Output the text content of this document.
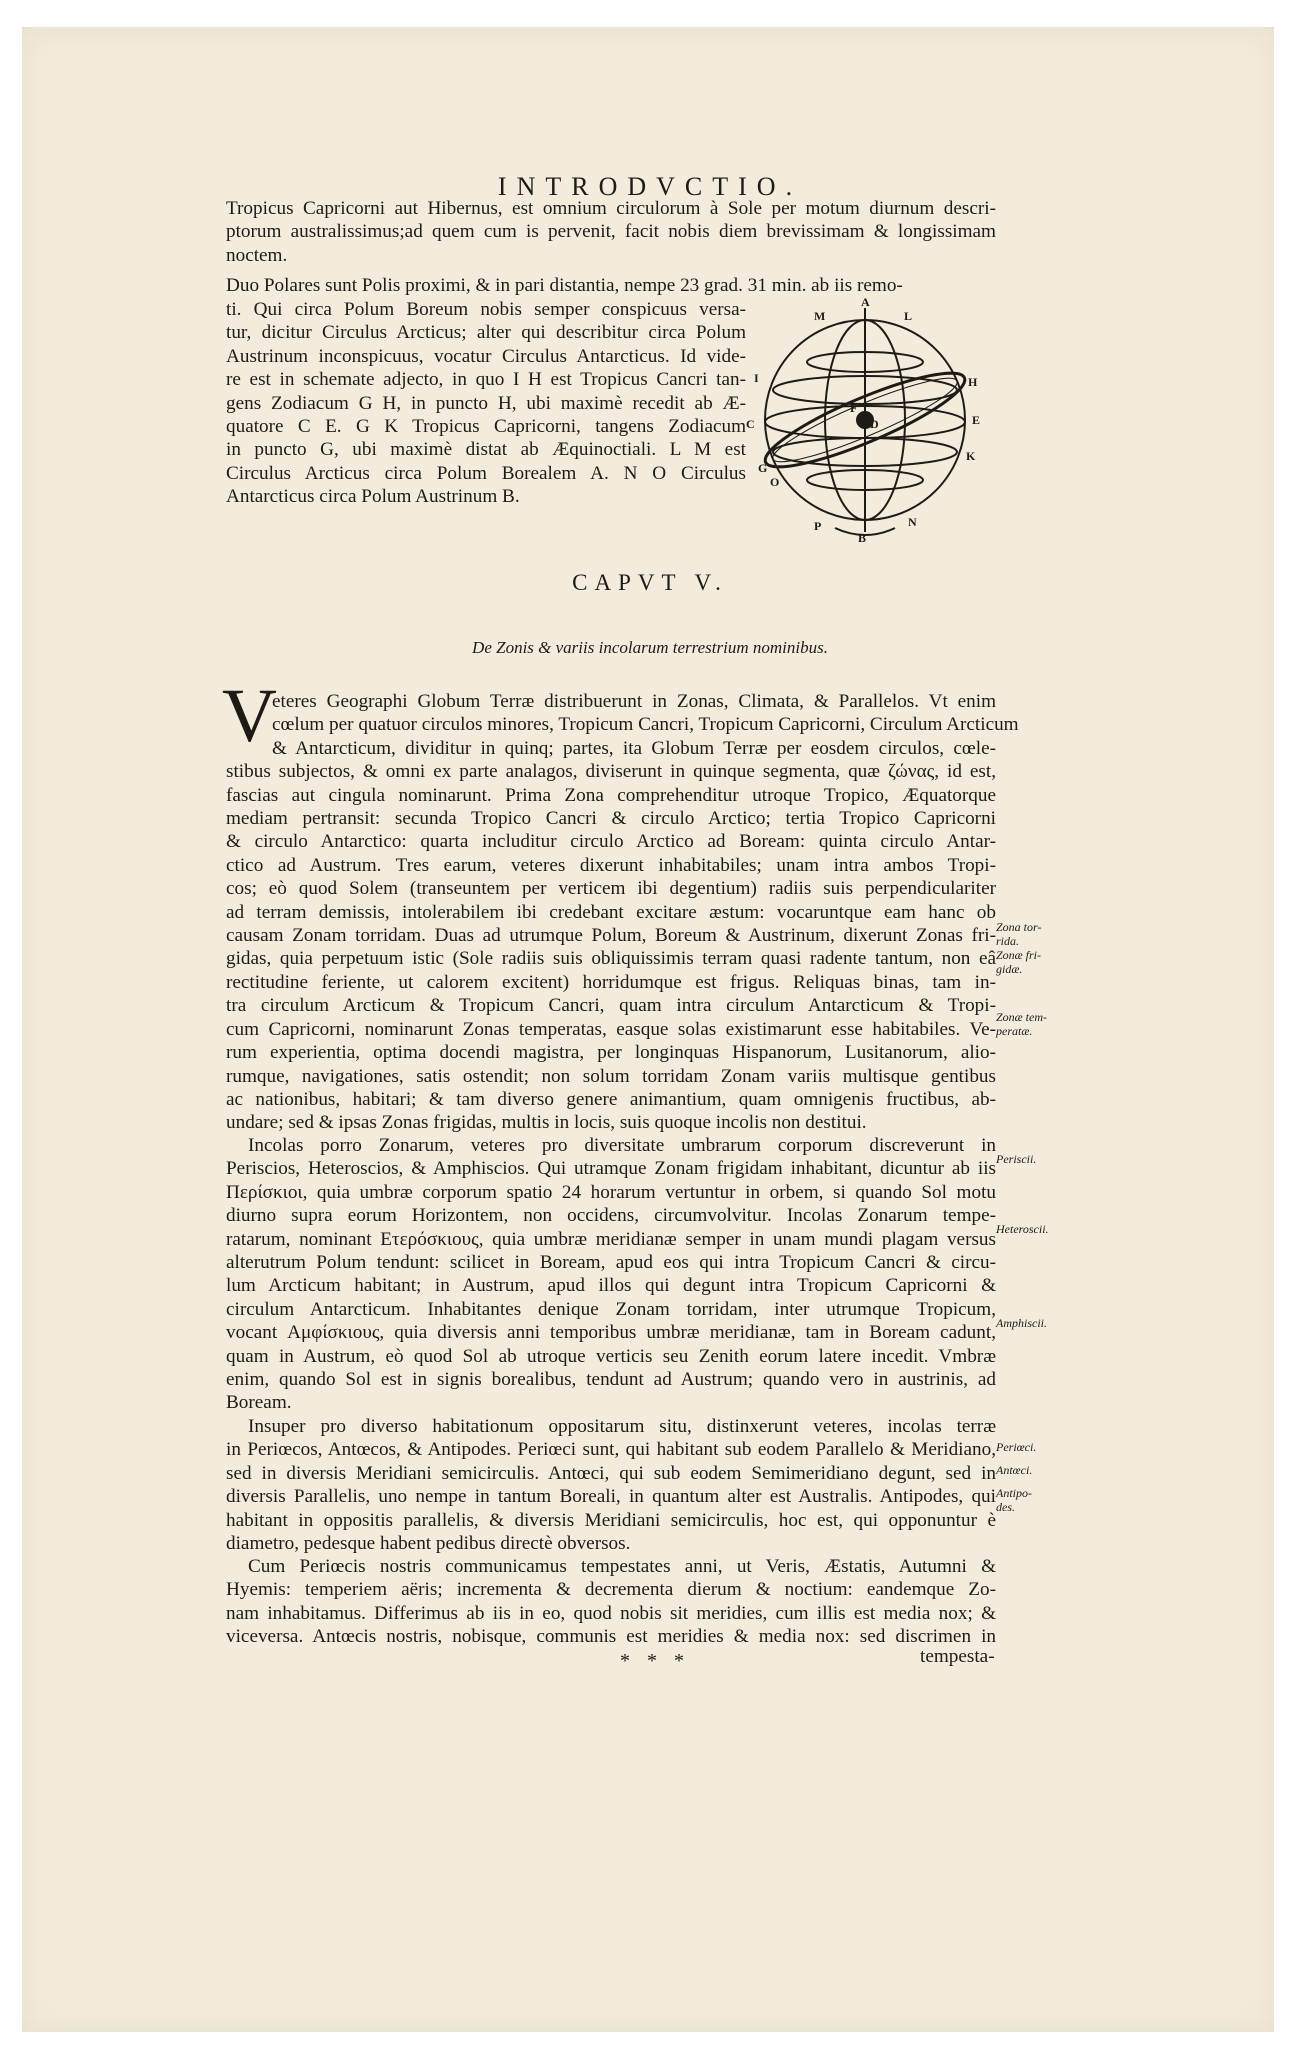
INTRODVCTIO.
Tropicus Capricorni aut Hibernus, est omnium circulorum à Sole per motum diurnum descri-
ptorum australissimus;ad quem cum is pervenit, facit nobis diem brevissimam & longissimam
noctem.
Duo Polares sunt Polis proximi, & in pari distantia, nempe 23 grad. 31 min. ab iis remo-
ti. Qui circa Polum Boreum nobis semper conspicuus versa-
tur, dicitur Circulus Arcticus; alter qui describitur circa Polum
Austrinum inconspicuus, vocatur Circulus Antarcticus. Id vide-
re est in schemate adjecto, in quo I H est Tropicus Cancri tan-
gens Zodiacum G H, in puncto H, ubi maximè recedit ab Æ-
quatore C E. G K Tropicus Capricorni, tangens Zodiacum
in puncto G, ubi maximè distat ab Æquinoctiali. L M est
Circulus Arcticus circa Polum Borealem A. N O Circulus
Antarcticus circa Polum Austrinum B.
A
B
C	D	E
F
G
H
I
K
L
M
N
O
P
CAPVT V.
De Zonis & variis incolarum terrestrium nominibus.
V
eteres Geographi Globum Terræ distribuerunt in Zonas, Climata, & Parallelos. Vt enim
cœlum per quatuor circulos minores, Tropicum Cancri, Tropicum Capricorni, Circulum Arcticum
& Antarcticum, dividitur in quinq; partes, ita Globum Terræ per eosdem circulos, cœle-
stibus subjectos, & omni ex parte analagos, diviserunt in quinque segmenta, quæ ζώνας, id est,
fascias aut cingula nominarunt. Prima Zona comprehenditur utroque Tropico, Æquatorque
mediam pertransit: secunda Tropico Cancri & circulo Arctico; tertia Tropico Capricorni
& circulo Antarctico: quarta includitur circulo Arctico ad Boream: quinta circulo Antar-
ctico ad Austrum. Tres earum, veteres dixerunt inhabitabiles; unam intra ambos Tropi-
cos; eò quod Solem (transeuntem per verticem ibi degentium) radiis suis perpendiculariter
ad terram demissis, intolerabilem ibi credebant excitare æstum: vocaruntque eam hanc ob
causam Zonam torridam. Duas ad utrumque Polum, Boreum & Austrinum, dixerunt Zonas fri-
gidas, quia perpetuum istic (Sole radiis suis obliquissimis terram quasi radente tantum, non eâ
rectitudine feriente, ut calorem excitent) horridumque est frigus. Reliquas binas, tam in-
tra circulum Arcticum & Tropicum Cancri, quam intra circulum Antarcticum & Tropi-
cum Capricorni, nominarunt Zonas temperatas, easque solas existimarunt esse habitabiles. Ve-
rum experientia, optima docendi magistra, per longinquas Hispanorum, Lusitanorum, alio-
rumque, navigationes, satis ostendit; non solum torridam Zonam variis multisque gentibus
ac nationibus, habitari; & tam diverso genere animantium, quam omnigenis fructibus, ab-
undare; sed & ipsas Zonas frigidas, multis in locis, suis quoque incolis non destitui.
Incolas porro Zonarum, veteres pro diversitate umbrarum corporum discreverunt in
Periscios, Heteroscios, & Amphiscios. Qui utramque Zonam frigidam inhabitant, dicuntur ab iis
Περίσκιοι, quia umbræ corporum spatio 24 horarum vertuntur in orbem, si quando Sol motu
diurno supra eorum Horizontem, non occidens, circumvolvitur. Incolas Zonarum tempe-
ratarum, nominant Ετερόσκιους, quia umbræ meridianæ semper in unam mundi plagam versus
alterutrum Polum tendunt: scilicet in Boream, apud eos qui intra Tropicum Cancri & circu-
lum Arcticum habitant; in Austrum, apud illos qui degunt intra Tropicum Capricorni &
circulum Antarcticum. Inhabitantes denique Zonam torridam, inter utrumque Tropicum,
vocant Αμφίσκιους, quia diversis anni temporibus umbræ meridianæ, tam in Boream cadunt,
quam in Austrum, eò quod Sol ab utroque verticis seu Zenith eorum latere incedit. Vmbræ
enim, quando Sol est in signis borealibus, tendunt ad Austrum; quando vero in austrinis, ad
Boream.
Insuper pro diverso habitationum oppositarum situ, distinxerunt veteres, incolas terræ
in Periœcos, Antœcos, & Antipodes. Periœci sunt, qui habitant sub eodem Parallelo & Meridiano,
sed in diversis Meridiani semicirculis. Antœci, qui sub eodem Semimeridiano degunt, sed in
diversis Parallelis, uno nempe in tantum Boreali, in quantum alter est Australis. Antipodes, qui
habitant in oppositis parallelis, & diversis Meridiani semicirculis, hoc est, qui opponuntur è
diametro, pedesque habent pedibus directè obversos.
Cum Periœcis nostris communicamus tempestates anni, ut Veris, Æstatis, Autumni &
Hyemis: temperiem aëris; incrementa & decrementa dierum & noctium: eandemque Zo-
nam inhabitamus. Differimus ab iis in eo, quod nobis sit meridies, cum illis est media nox; &
viceversa. Antœcis nostris, nobisque, communis est meridies & media nox: sed discrimen in
Zona tor-
rida.
Zonæ fri-
gidæ.
Zonæ tem-
peratæ.
Periscii.
Heteroscii.
Amphiscii.
Periœci.
Antœci.
Antipo-
des.
* * *	tempesta-
